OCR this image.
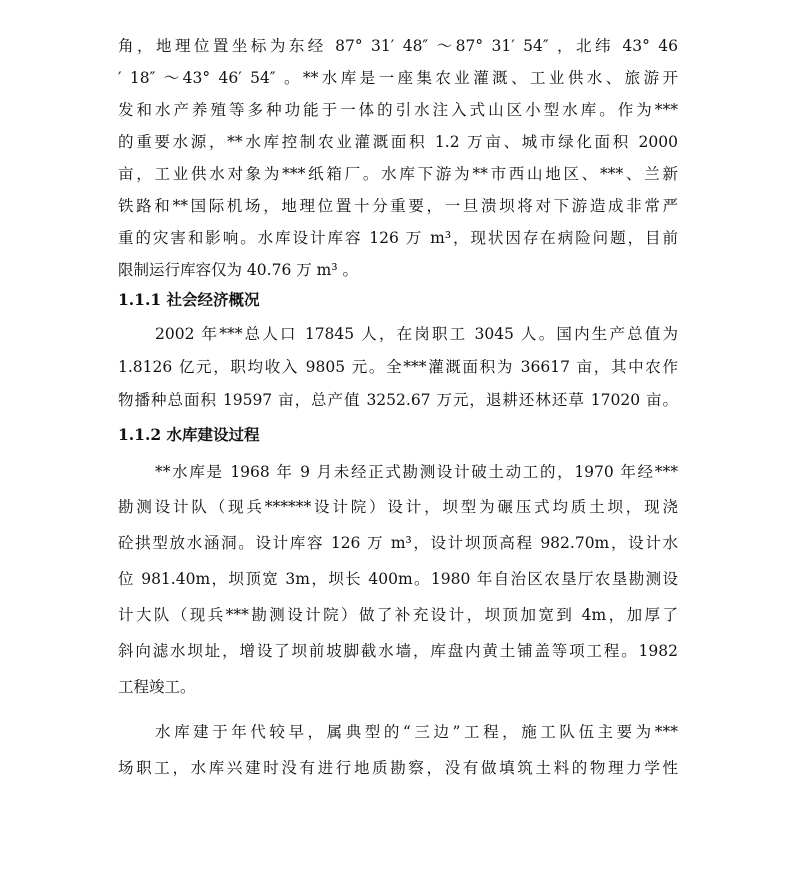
角，地理位置坐标为东经 87° 31′ 48″ ～87° 31′ 54″ ，北纬 43° 46
′ 18″ ～43° 46′ 54″ 。**水库是一座集农业灌溉、工业供水、旅游开
发和水产养殖等多种功能于一体的引水注入式山区小型水库。作为***
的重要水源，**水库控制农业灌溉面积 1.2 万亩、城市绿化面积 2000
亩，工业供水对象为***纸箱厂。水库下游为**市西山地区、***、兰新
铁路和**国际机场，地理位置十分重要，一旦溃坝将对下游造成非常严
重的灾害和影响。水库设计库容 126 万 m³，现状因存在病险问题，目前
限制运行库容仅为 40.76 万 m³ 。
1.1.1 社会经济概况
2002 年***总人口 17845 人，在岗职工 3045 人。国内生产总值为
1.8126 亿元，职均收入 9805 元。全***灌溉面积为 36617 亩，其中农作
物播种总面积 19597 亩，总产值 3252.67 万元，退耕还林还草 17020 亩。
1.1.2 水库建设过程
**水库是 1968 年 9 月未经正式勘测设计破土动工的，1970 年经***
勘测设计队（现兵******设计院）设计，坝型为碾压式均质土坝，现浇
砼拱型放水涵洞。设计库容 126 万 m³，设计坝顶高程 982.70m，设计水
位 981.40m，坝顶宽 3m，坝长 400m。1980 年自治区农垦厅农垦勘测设
计大队（现兵***勘测设计院）做了补充设计，坝顶加宽到 4m，加厚了
斜向滤水坝址，增设了坝前坡脚截水墙，库盘内黄土铺盖等项工程。1982
工程竣工。
水库建于年代较早，属典型的“三边”工程，施工队伍主要为***
场职工，水库兴建时没有进行地质勘察，没有做填筑土料的物理力学性
